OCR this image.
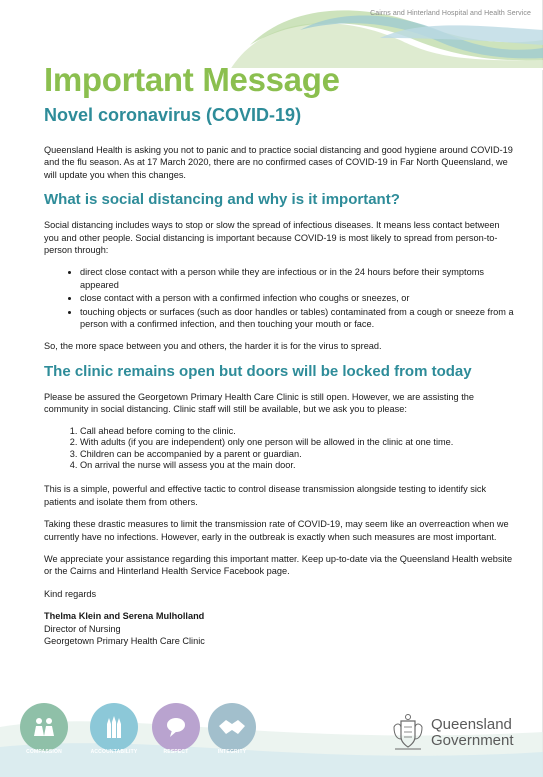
Cairns and Hinterland Hospital and Health Service
Important Message
Novel coronavirus (COVID-19)

Queensland Health is asking you not to panic and to practice social distancing and good hygiene around COVID-19 and the flu season. As at 17 March 2020, there are no confirmed cases of COVID-19 in Far North Queensland, we will update you when this changes.

What is social distancing and why is it important?

Social distancing includes ways to stop or slow the spread of infectious diseases. It means less contact between you and other people. Social distancing is important because COVID-19 is most likely to spread from person-to-person through:

• direct close contact with a person while they are infectious or in the 24 hours before their symptoms appeared
• close contact with a person with a confirmed infection who coughs or sneezes, or
• touching objects or surfaces (such as door handles or tables) contaminated from a cough or sneeze from a person with a confirmed infection, and then touching your mouth or face.

So, the more space between you and others, the harder it is for the virus to spread.

The clinic remains open but doors will be locked from today

Please be assured the Georgetown Primary Health Care Clinic is still open. However, we are assisting the community in social distancing. Clinic staff will still be available, but we ask you to please:

1. Call ahead before coming to the clinic.
2. With adults (if you are independent) only one person will be allowed in the clinic at one time.
3. Children can be accompanied by a parent or guardian.
4. On arrival the nurse will assess you at the main door.

This is a simple, powerful and effective tactic to control disease transmission alongside testing to identify sick patients and isolate them from others.

Taking these drastic measures to limit the transmission rate of COVID-19, may seem like an overreaction when we currently have no infections. However, early in the outbreak is exactly when such measures are most important.

We appreciate your assistance regarding this important matter. Keep up-to-date via the Queensland Health website or the Cairns and Hinterland Health Service Facebook page.

Kind regards

Thelma Klein and Serena Mulholland

Director of Nursing

Georgetown Primary Health Care Clinic

COMPASSION	ACCOUNTABILITY	RESPECT	INTEGRITY
Queensland
Government
